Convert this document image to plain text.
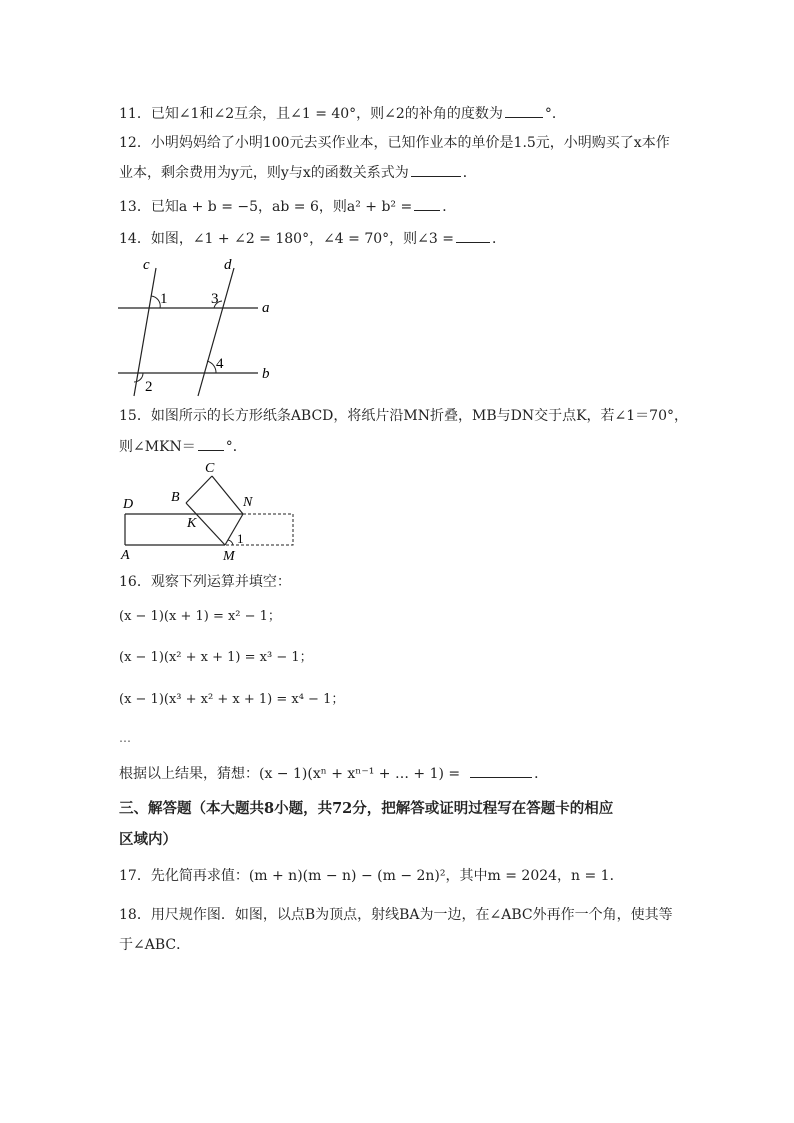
11．已知∠1和∠2互余，且∠1 = 40°，则∠2的补角的度数为	°．
12．小明妈妈给了小明100元去买作业本，已知作业本的单价是1.5元，小明购买了x本作
业本，剩余费用为y元，则y与x的函数关系式为	．
13．已知a + b = −5，ab = 6，则a² + b² = ．
14．如图，∠1 + ∠2 = 180°，∠4 = 70°，则∠3 =	．
c	d
a
b
1	3
4
2
15．如图所示的长方形纸条ABCD，将纸片沿MN折叠，MB与DN交于点K，若∠1＝70°，
则∠MKN＝ °．
C
B	N
D
K
A	M
1
16．观察下列运算并填空：
(x − 1)(x + 1) = x² − 1；
(x − 1)(x² + x + 1) = x³ − 1；
(x − 1)(x³ + x² + x + 1) = x⁴ − 1；
…
根据以上结果，猜想：(x − 1)(xⁿ + xⁿ⁻¹ + … + 1) =	．
三、解答题（本大题共8小题，共72分，把解答或证明过程写在答题卡的相应
区域内）
17．先化简再求值：(m + n)(m − n) − (m − 2n)²，其中m = 2024，n = 1．
18．用尺规作图．如图，以点B为顶点，射线BA为一边，在∠ABC外再作一个角，使其等
于∠ABC．
